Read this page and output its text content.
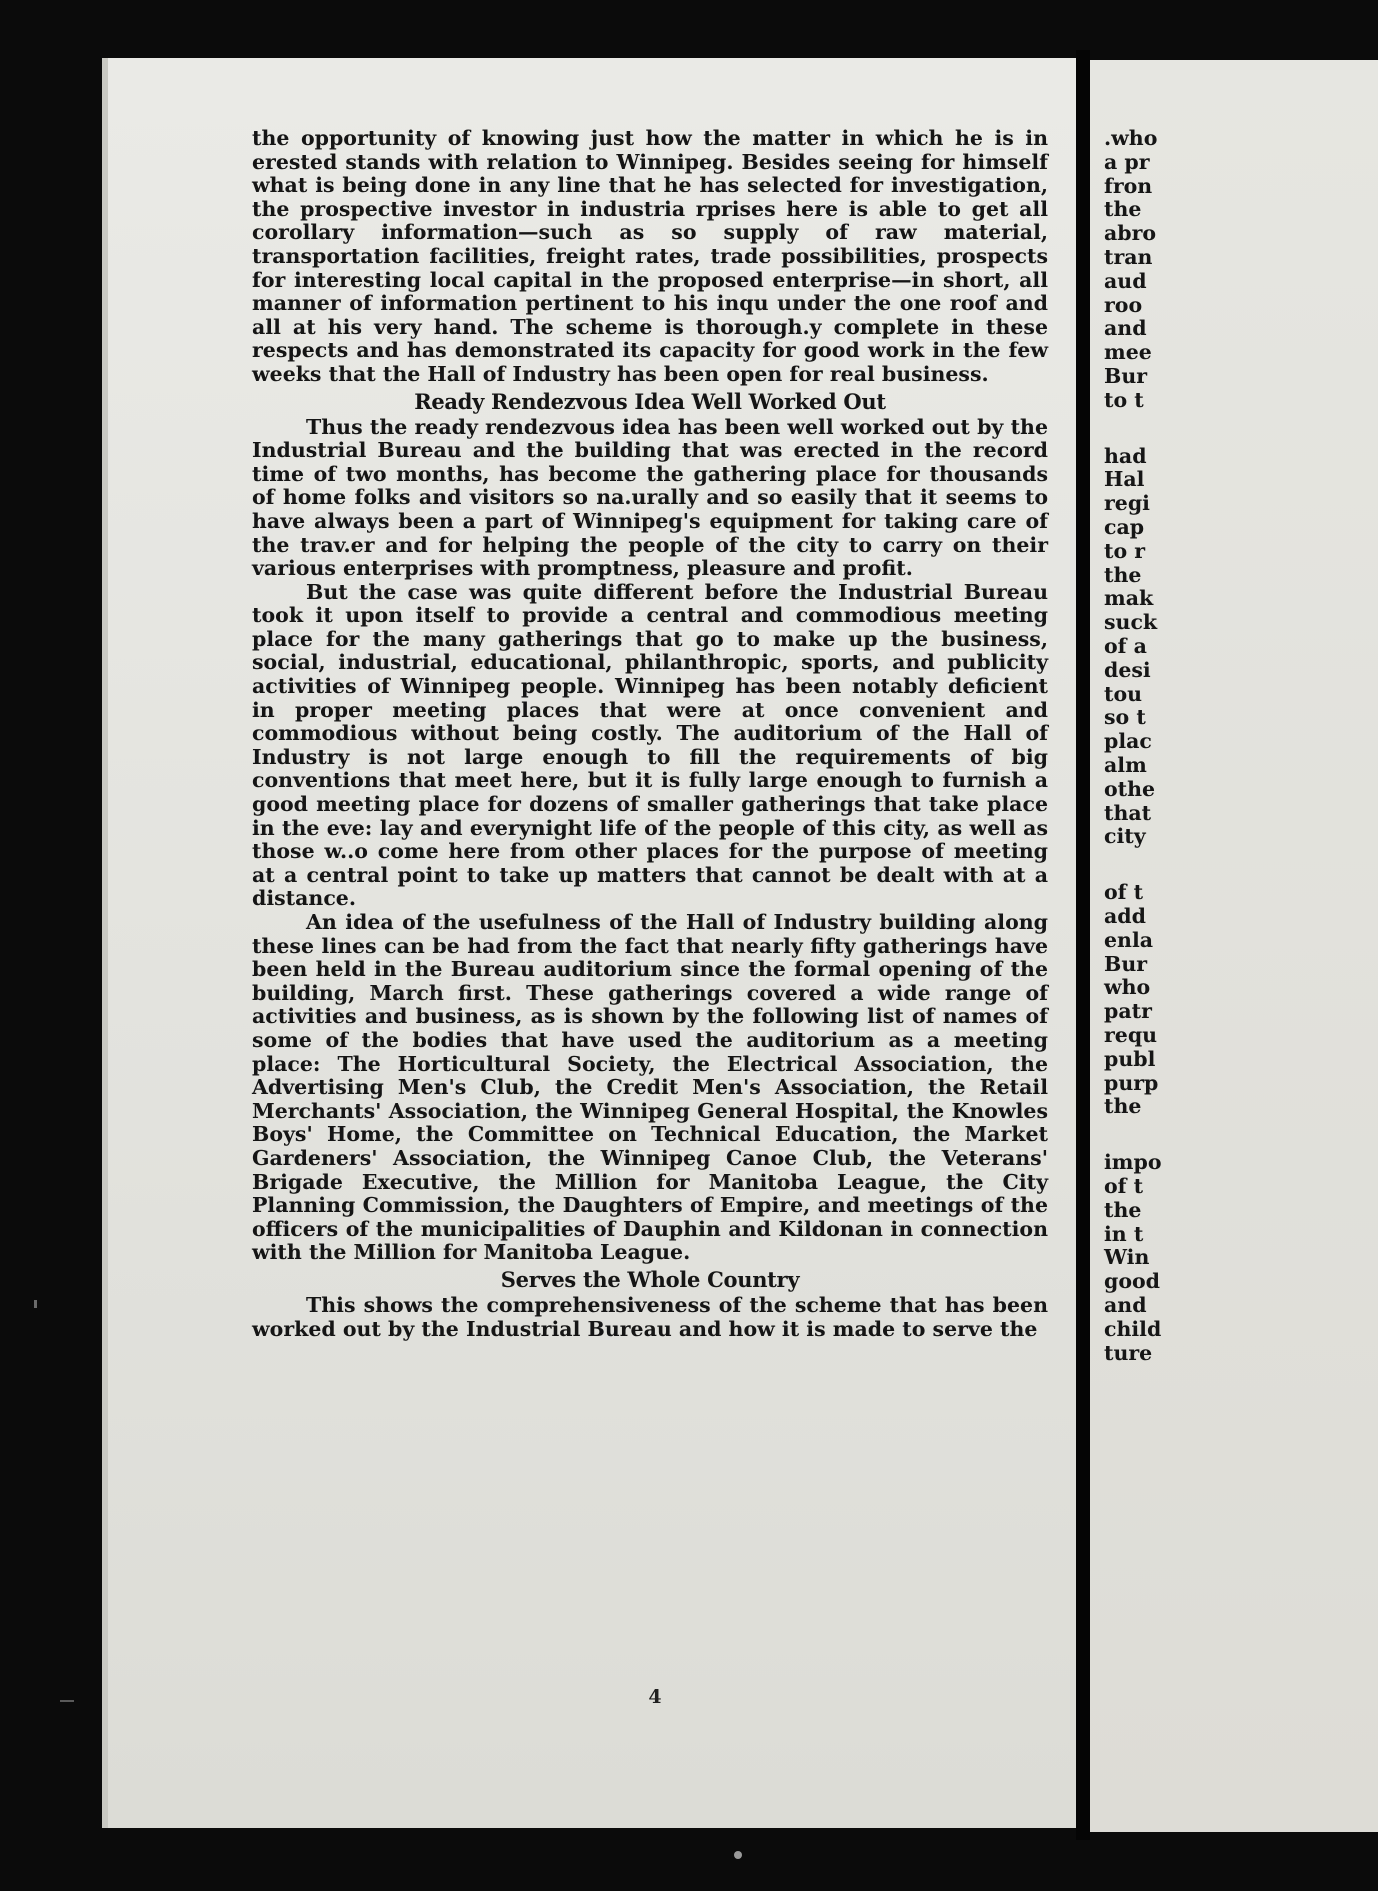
the opportunity of knowing just how the matter in which he is in erested stands with relation to Winnipeg. Besides seeing for himself what is being done in any line that he has selected for investigation, the prospective investor in industria rprises here is able to get all corollary information—such as so supply of raw material, transportation facilities, freight rates, trade possibilities, prospects for interesting local capital in the proposed enterprise—in short, all manner of information pertinent to his inqu under the one roof and all at his very hand. The scheme is thorough.y complete in these respects and has demonstrated its capacity for good work in the few weeks that the Hall of Industry has been open for real business.

Ready Rendezvous Idea Well Worked Out

Thus the ready rendezvous idea has been well worked out by the Industrial Bureau and the building that was erected in the record time of two months, has become the gathering place for thousands of home folks and visitors so na.urally and so easily that it seems to have always been a part of Winnipeg's equipment for taking care of the trav.er and for helping the people of the city to carry on their various enterprises with promptness, pleasure and profit.

But the case was quite different before the Industrial Bureau took it upon itself to provide a central and commodious meeting place for the many gatherings that go to make up the business, social, industrial, educational, philanthropic, sports, and publicity activities of Winnipeg people. Winnipeg has been notably deficient in proper meeting places that were at once convenient and commodious without being costly. The auditorium of the Hall of Industry is not large enough to fill the requirements of big conventions that meet here, but it is fully large enough to furnish a good meeting place for dozens of smaller gatherings that take place in the eve: lay and everynight life of the people of this city, as well as those w..o come here from other places for the purpose of meeting at a central point to take up matters that cannot be dealt with at a distance.

An idea of the usefulness of the Hall of Industry building along these lines can be had from the fact that nearly fifty gatherings have been held in the Bureau auditorium since the formal opening of the building, March first. These gatherings covered a wide range of activities and business, as is shown by the following list of names of some of the bodies that have used the auditorium as a meeting place: The Horticultural Society, the Electrical Association, the Advertising Men's Club, the Credit Men's Association, the Retail Merchants' Association, the Winnipeg General Hospital, the Knowles Boys' Home, the Committee on Technical Education, the Market Gardeners' Association, the Winnipeg Canoe Club, the Veterans' Brigade Executive, the Million for Manitoba League, the City Planning Commission, the Daughters of Empire, and meetings of the officers of the municipalities of Dauphin and Kildonan in connection with the Million for Manitoba League.

Serves the Whole Country

This shows the comprehensiveness of the scheme that has been worked out by the Industrial Bureau and how it is made to serve the

4
.who
a pr
fron
the
abro
tran
aud
roo
and
mee
Bur
to t
had
Hal
regi
cap
to r
the
mak
suck
of a
desi
tou
so t
plac
alm
othe
that
city
of t
add
enla
Bur
who
patr
requ
publ
purp
the
impo
of t
the
in t
Win
good
and
child
ture
